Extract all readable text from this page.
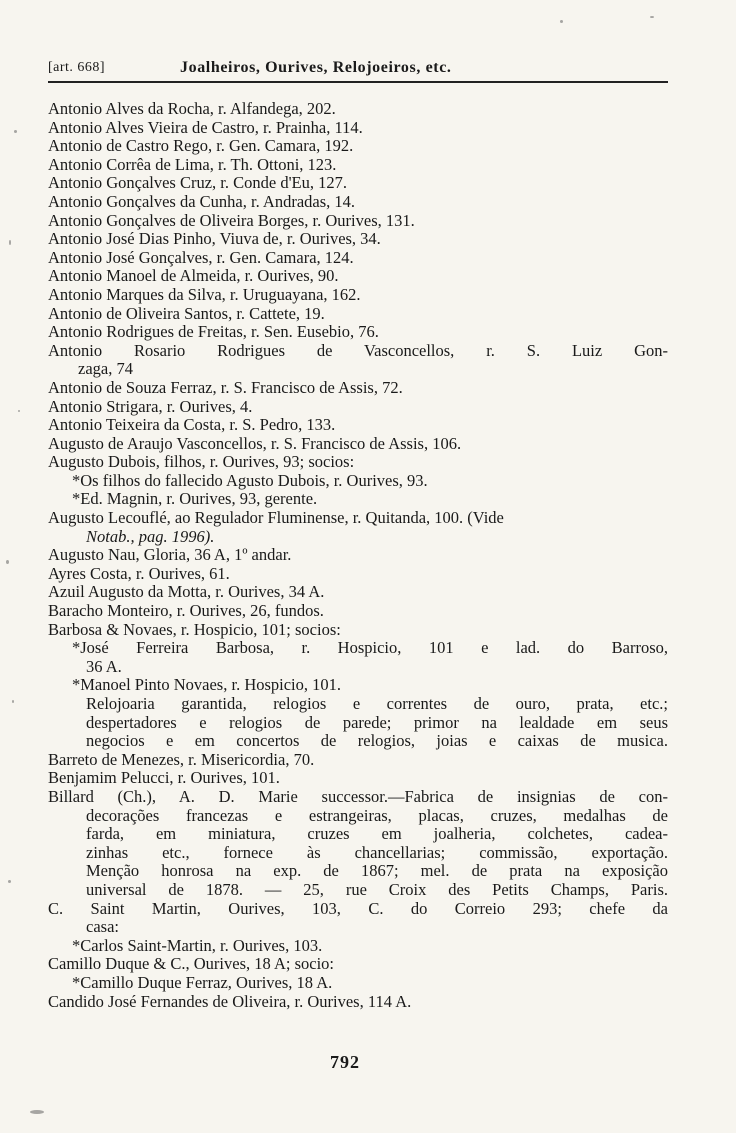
[art. 668]	Joalheiros, Ourives, Relojoeiros, etc.
Antonio Alves da Rocha, r. Alfandega, 202.
Antonio Alves Vieira de Castro, r. Prainha, 114.
Antonio de Castro Rego, r. Gen. Camara, 192.
Antonio Corrêa de Lima, r. Th. Ottoni, 123.
Antonio Gonçalves Cruz, r. Conde d'Eu, 127.
Antonio Gonçalves da Cunha, r. Andradas, 14.
Antonio Gonçalves de Oliveira Borges, r. Ourives, 131.
Antonio José Dias Pinho, Viuva de, r. Ourives, 34.
Antonio José Gonçalves, r. Gen. Camara, 124.
Antonio Manoel de Almeida, r. Ourives, 90.
Antonio Marques da Silva, r. Uruguayana, 162.
Antonio de Oliveira Santos, r. Cattete, 19.
Antonio Rodrigues de Freitas, r. Sen. Eusebio, 76.
Antonio Rosario Rodrigues de Vasconcellos, r. S. Luiz Gon-
zaga, 74
Antonio de Souza Ferraz, r. S. Francisco de Assis, 72.
Antonio Strigara, r. Ourives, 4.
Antonio Teixeira da Costa, r. S. Pedro, 133.
Augusto de Araujo Vasconcellos, r. S. Francisco de Assis, 106.
Augusto Dubois, filhos, r. Ourives, 93; socios:
*Os filhos do fallecido Agusto Dubois, r. Ourives, 93.
*Ed. Magnin, r. Ourives, 93, gerente.
Augusto Lecouflé, ao Regulador Fluminense, r. Quitanda, 100. (Vide
Notab., pag. 1996).
Augusto Nau, Gloria, 36 A, 1º andar.
Ayres Costa, r. Ourives, 61.
Azuil Augusto da Motta, r. Ourives, 34 A.
Baracho Monteiro, r. Ourives, 26, fundos.
Barbosa & Novaes, r. Hospicio, 101; socios:
*José Ferreira Barbosa, r. Hospicio, 101 e lad. do Barroso,
36 A.
*Manoel Pinto Novaes, r. Hospicio, 101.
Relojoaria garantida, relogios e correntes de ouro, prata, etc.;
despertadores e relogios de parede; primor na lealdade em seus
negocios e em concertos de relogios, joias e caixas de musica.
Barreto de Menezes, r. Misericordia, 70.
Benjamim Pelucci, r. Ourives, 101.
Billard (Ch.), A. D. Marie successor.—Fabrica de insignias de con-
decorações francezas e estrangeiras, placas, cruzes, medalhas de
farda, em miniatura, cruzes em joalheria, colchetes, cadea-
zinhas etc., fornece às chancellarias; commissão, exportação.
Menção honrosa na exp. de 1867; mel. de prata na exposição
universal de 1878. — 25, rue Croix des Petits Champs, Paris.
C. Saint Martin, Ourives, 103, C. do Correio 293; chefe da
casa:
*Carlos Saint-Martin, r. Ourives, 103.
Camillo Duque & C., Ourives, 18 A; socio:
*Camillo Duque Ferraz, Ourives, 18 A.
Candido José Fernandes de Oliveira, r. Ourives, 114 A.
792
